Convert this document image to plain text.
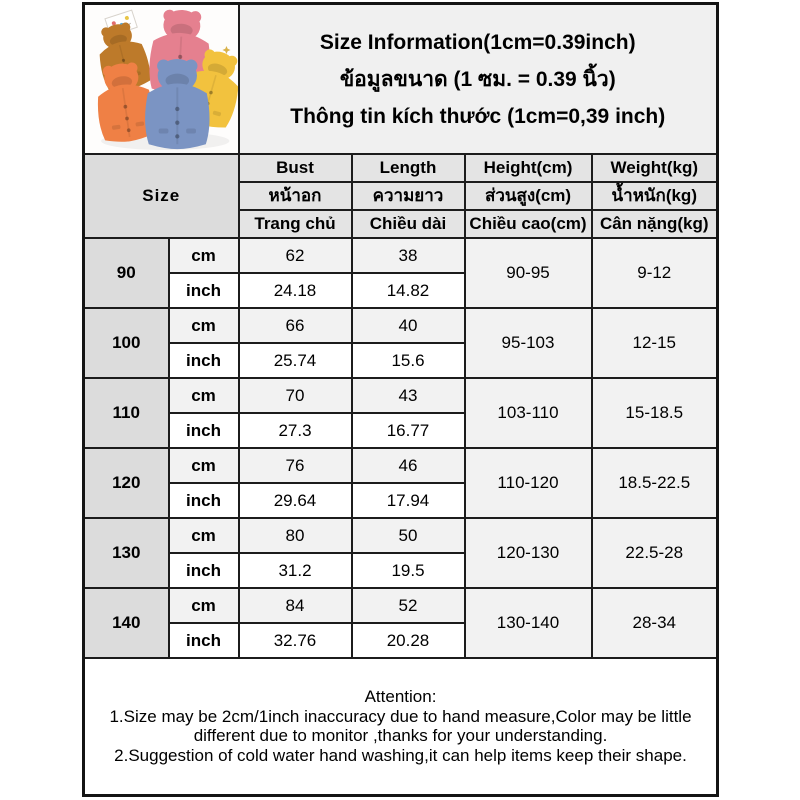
Size Information(1cm=0.39inch)
ข้อมูลขนาด (1 ซม. = 0.39 นิ้ว)
Thông tin kích thước (1cm=0,39 inch)			

Size		Bust	Length	Height(cm)	Weight(kg)
		หน้าอก	ความยาว	ส่วนสูง(cm)	น้ำหนัก(kg)
		Trang chủ	Chiều dài	Chiều cao(cm)	Cân nặng(kg)
90	cm	62	38	90-95	9-12
	inch	24.18	14.82		
100	cm	66	40	95-103	12-15
	inch	25.74	15.6		
110	cm	70	43	103-110	15-18.5
	inch	27.3	16.77		
120	cm	76	46	110-120	18.5-22.5
	inch	29.64	17.94		
130	cm	80	50	120-130	22.5-28
	inch	31.2	19.5		
140	cm	84	52	130-140	28-34
	inch	32.76	20.28		

Attention:
1.Size may be 2cm/1inch inaccuracy due to hand measure,Color may be little different due to monitor ,thanks for your understanding.
2.Suggestion of cold water hand washing,it can help items keep their shape.					
